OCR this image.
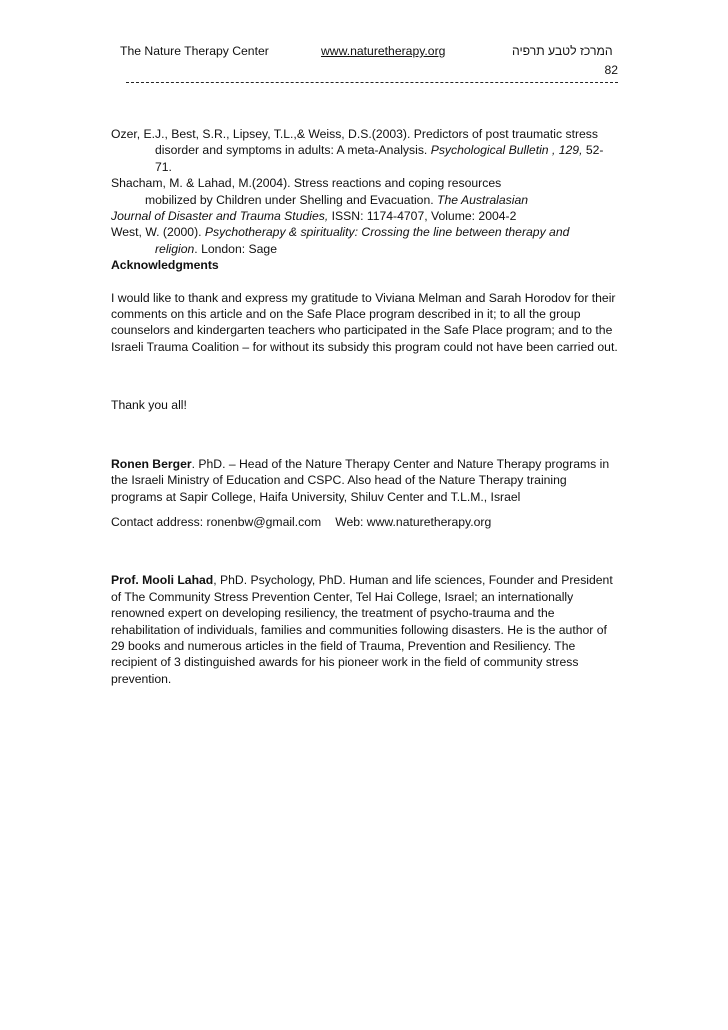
The Nature Therapy Center	www.naturetherapy.org	המרכז לטבע תרפיה
82
Ozer, E.J., Best, S.R., Lipsey, T.L.,& Weiss, D.S.(2003). Predictors of post traumatic stress
disorder and symptoms in adults: A meta-Analysis. Psychological Bulletin , 129, 52-
71.
Shacham, M. & Lahad, M.(2004). Stress reactions and coping resources
mobilized by Children under Shelling and Evacuation. The Australasian
Journal of Disaster and Trauma Studies, ISSN: 1174-4707, Volume: 2004-2
West, W. (2000). Psychotherapy & spirituality: Crossing the line between therapy and
religion. London: Sage
Acknowledgments

I would like to thank and express my gratitude to Viviana Melman and Sarah Horodov for their comments on this article and on the Safe Place program described in it; to all the group counselors and kindergarten teachers who participated in the Safe Place program; and to the Israeli Trauma Coalition – for without its subsidy this program could not have been carried out.

Thank you all!

Ronen Berger. PhD. – Head of the Nature Therapy Center and Nature Therapy programs in the Israeli Ministry of Education and CSPC. Also head of the Nature Therapy training programs at Sapir College, Haifa University, Shiluv Center and T.L.M., Israel

Contact address: ronenbw@gmail.com Web: www.naturetherapy.org

Prof. Mooli Lahad, PhD. Psychology, PhD. Human and life sciences, Founder and President of The Community Stress Prevention Center, Tel Hai College, Israel; an internationally renowned expert on developing resiliency, the treatment of psycho-trauma and the rehabilitation of individuals, families and communities following disasters. He is the author of 29 books and numerous articles in the field of Trauma, Prevention and Resiliency. The recipient of 3 distinguished awards for his pioneer work in the field of community stress prevention.
